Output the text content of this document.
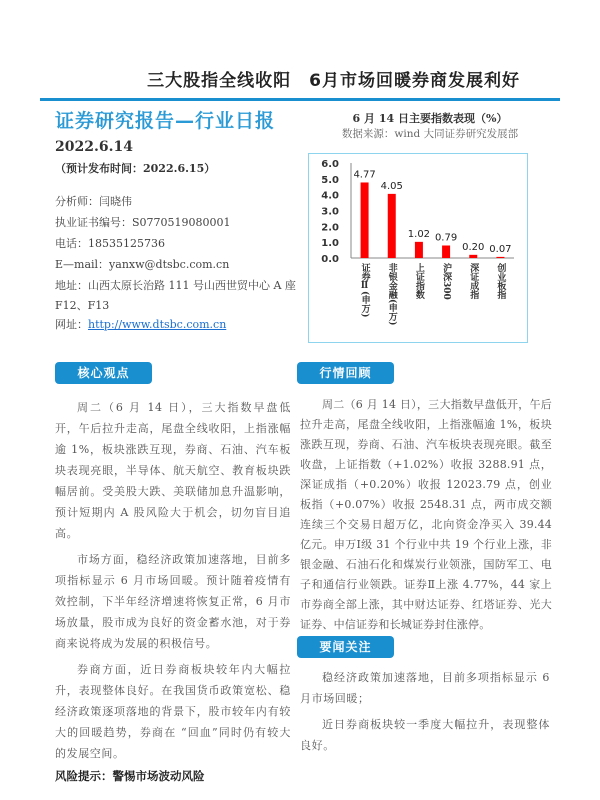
三大股指全线收阳　6月市场回暖券商发展利好
证券研究报告—行业日报
2022.6.14
（预计发布时间：2022.6.15）
分析师：闫晓伟
执业证书编号：S0770519080001
电话：18535125736
E—mail：yanxw@dtsbc.com.cn
地址：山西太原长治路 111 号山西世贸中心 A 座
F12、F13
网址：http://www.dtsbc.com.cn
6 月 14 日主要指数表现（%）
数据来源：wind 大同证券研究发展部
0.0
1.0
2.0
3.0
4.0
5.0
6.0
4.77
证券Ⅱ(申万)
4.05
非银金融(申万)
1.02
上证指数
0.79
沪深300
0.20
深证成指
0.07
创业板指
核心观点

周二（6 月 14 日），三大指数早盘低开，午后拉升走高，尾盘全线收阳，上指涨幅逾 1%，板块涨跌互现，券商、石油、汽车板块表现亮眼，半导体、航天航空、教育板块跌幅居前。受美股大跌、美联储加息升温影响，预计短期内 A 股风险大于机会，切勿盲目追高。

市场方面，稳经济政策加速落地，目前多项指标显示 6 月市场回暖。预计随着疫情有效控制，下半年经济增速将恢复正常，6 月市场放量，股市成为良好的资金蓄水池，对于券商来说将成为发展的积极信号。

券商方面，近日券商板块较年内大幅拉升，表现整体良好。在我国货币政策宽松、稳经济政策逐项落地的背景下，股市较年内有较大的回暖趋势，券商在 “回血”同时仍有较大的发展空间。

风险提示：警惕市场波动风险

行情回顾

周二（6 月 14 日），三大指数早盘低开，午后拉升走高，尾盘全线收阳，上指涨幅逾 1%，板块涨跌互现，券商、石油、汽车板块表现亮眼。截至收盘，上证指数（+1.02%）收报 3288.91 点，深证成指（+0.20%）收报 12023.79 点，创业板指（+0.07%）收报 2548.31 点，两市成交额连续三个交易日超万亿，北向资金净买入 39.44 亿元。申万Ⅰ级 31 个行业中共 19 个行业上涨，非银金融、石油石化和煤炭行业领涨，国防军工、电子和通信行业领跌。证券Ⅱ上涨 4.77%，44 家上市券商全部上涨，其中财达证券、红塔证券、光大证券、中信证券和长城证券封住涨停。

要闻关注

稳经济政策加速落地，目前多项指标显示 6 月市场回暖；

近日券商板块较一季度大幅拉升，表现整体良好。
